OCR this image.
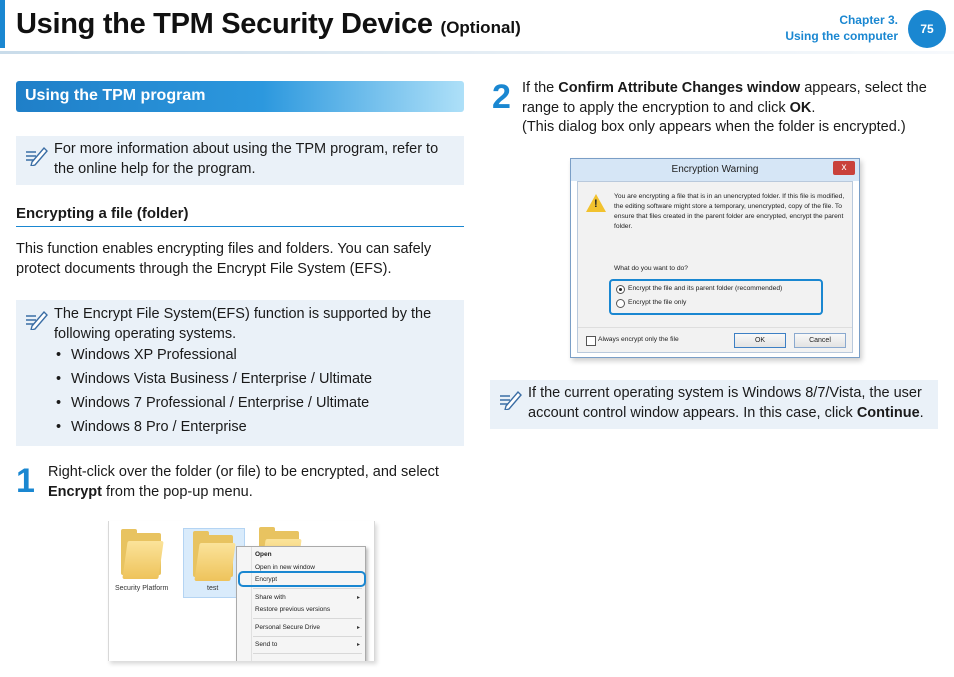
Using the TPM Security Device (Optional)	Chapter 3.
Using the computer	75
Using the TPM program
For more information about using the TPM program, refer to the online help for the program.
Encrypting a file (folder)
This function enables encrypting files and folders. You can safely protect documents through the Encrypt File System (EFS).
The Encrypt File System(EFS) function is supported by the following operating systems.
• Windows XP Professional
• Windows Vista Business / Enterprise / Ultimate
• Windows 7 Professional / Enterprise / Ultimate
• Windows 8 Pro / Enterprise
1 Right-click over the folder (or file) to be encrypted, and select Encrypt from the pop-up menu.
Security Platform	test
Open
Open in new window
Encrypt
Share with	▸
Restore previous versions
Personal Secure Drive	▸
Send to	▸
2 If the Confirm Attribute Changes window appears, select the range to apply the encryption to and click OK.
(This dialog box only appears when the folder is encrypted.)
Encryption Warning	x
!
You are encrypting a file that is in an unencrypted folder. If this file is modified, the editing software might store a temporary, unencrypted, copy of the file. To ensure that files created in the parent folder are encrypted, encrypt the parent folder.
What do you want to do?
Encrypt the file and its parent folder (recommended)
Encrypt the file only
Always encrypt only the file	OK	Cancel
If the current operating system is Windows 8/7/Vista, the user account control window appears. In this case, click Continue.
